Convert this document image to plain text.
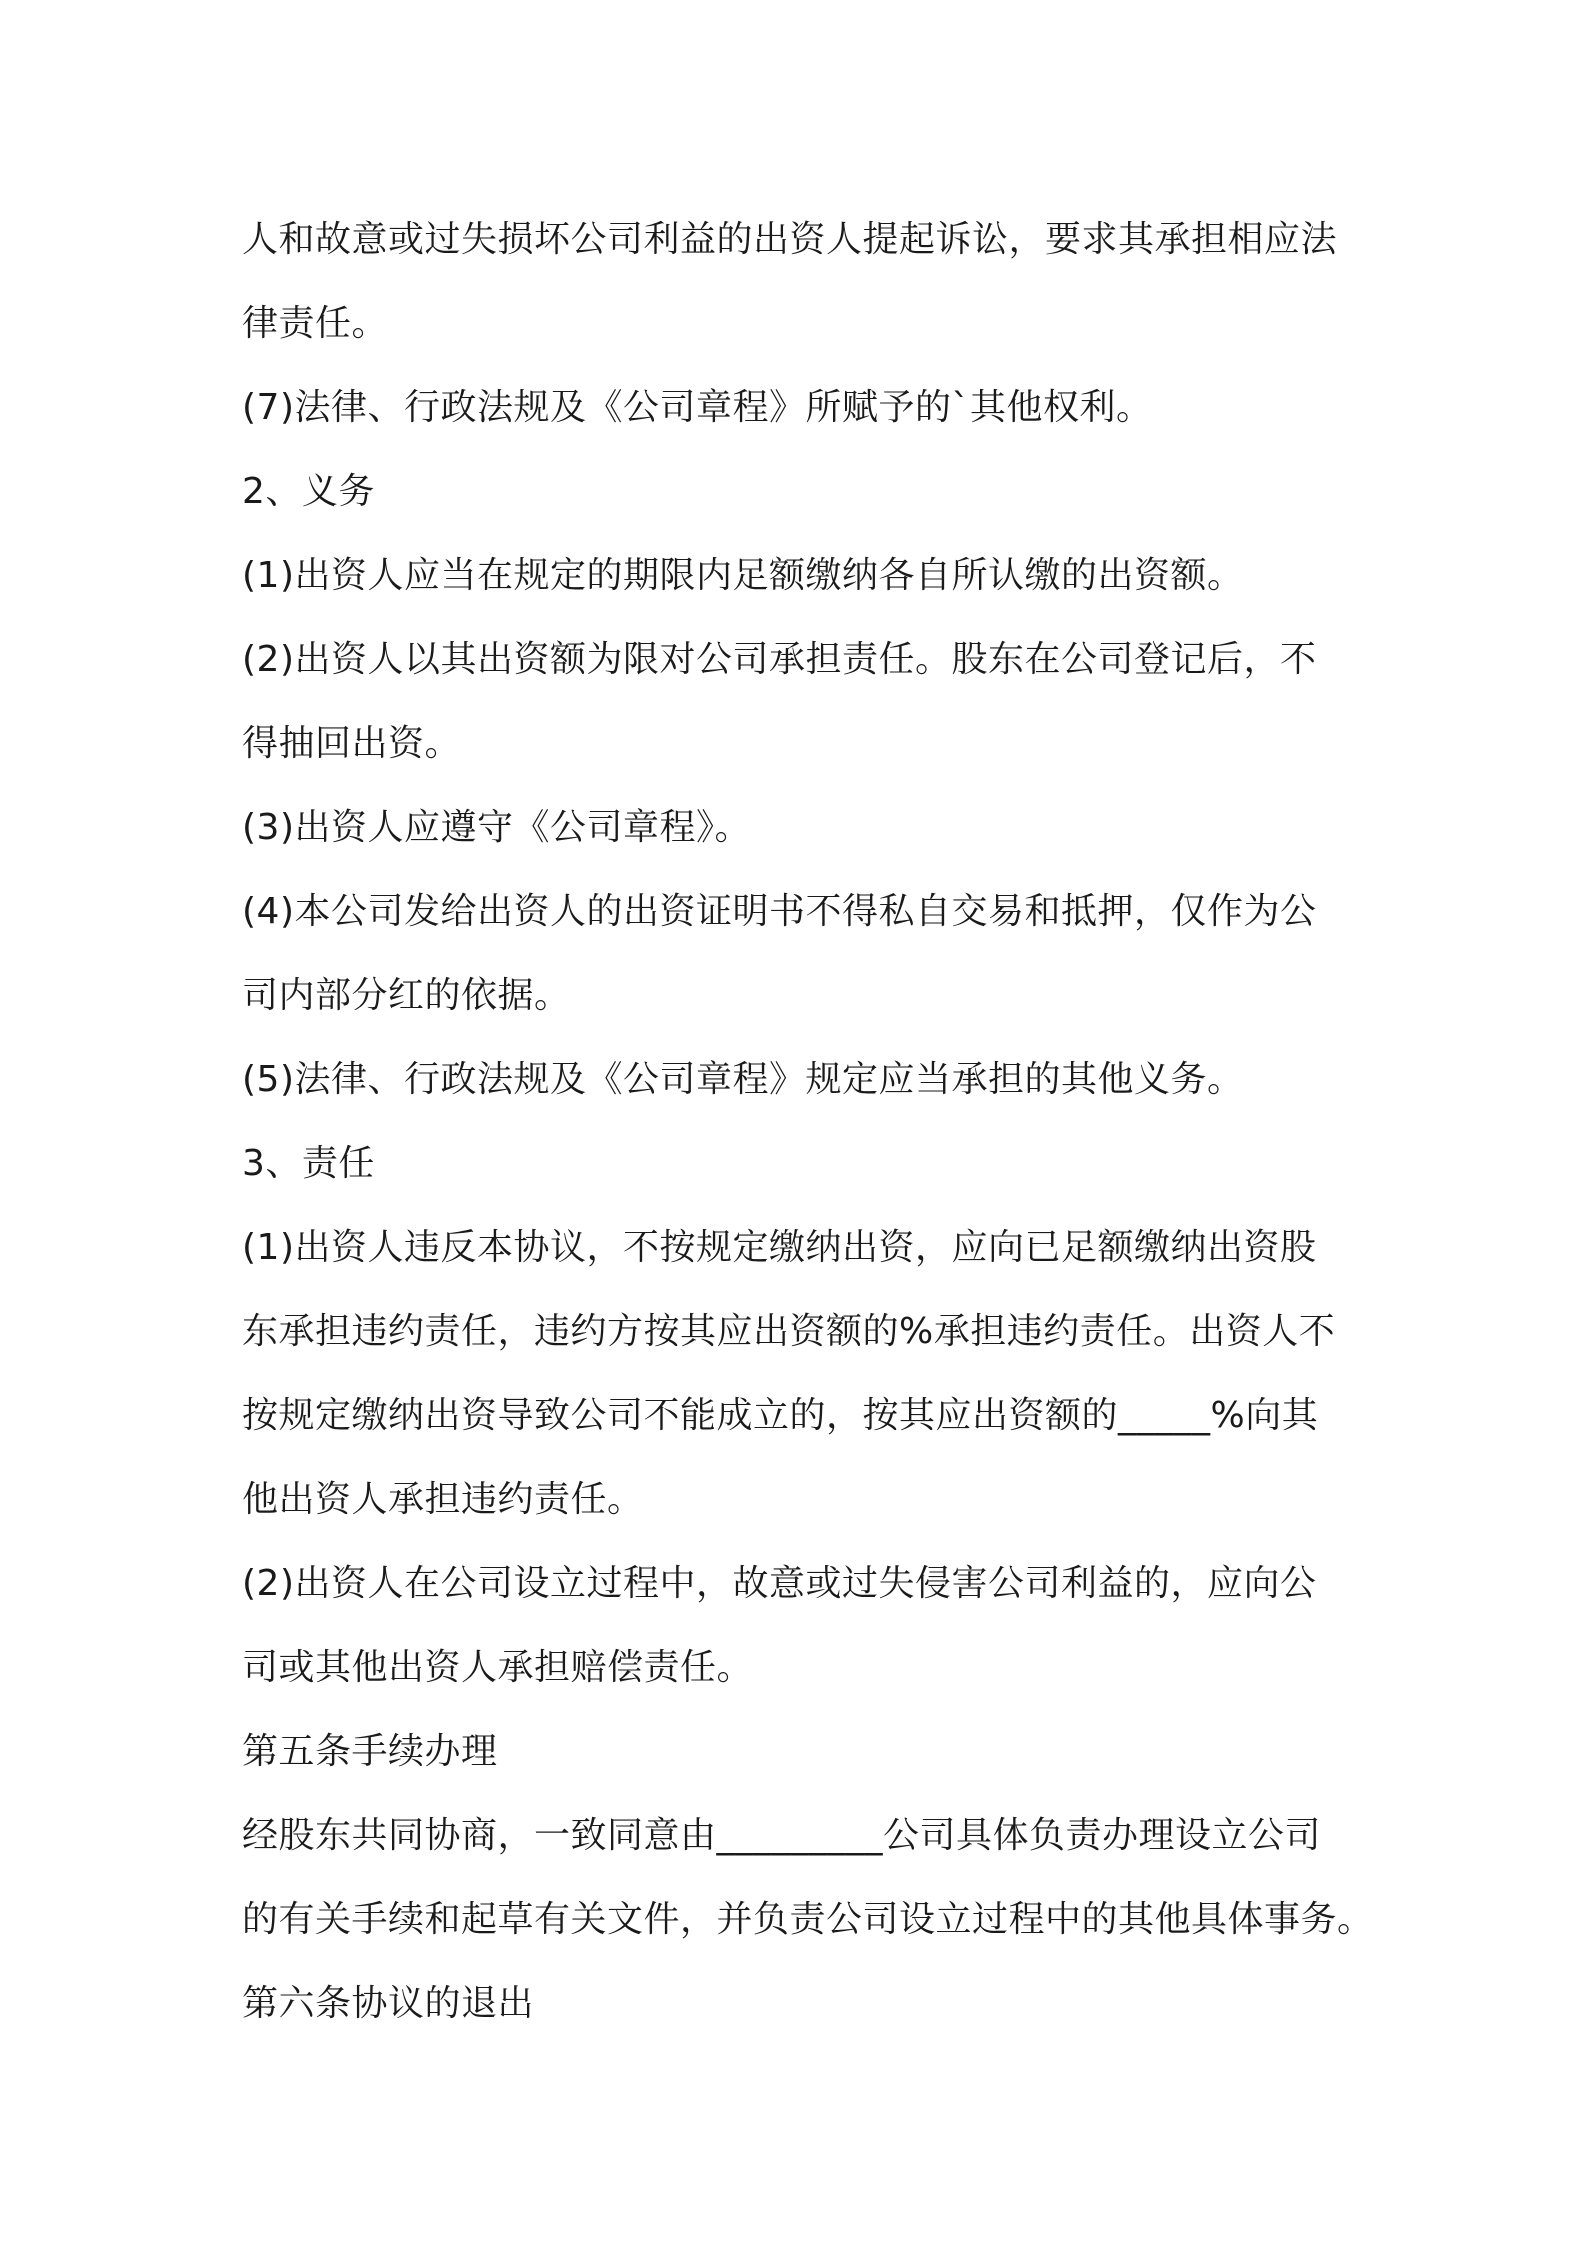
人和故意或过失损坏公司利益的出资人提起诉讼，要求其承担相应法
律责任。
(7)法律、行政法规及《公司章程》所赋予的`其他权利。
2、义务
(1)出资人应当在规定的期限内足额缴纳各自所认缴的出资额。
(2)出资人以其出资额为限对公司承担责任。股东在公司登记后，不
得抽回出资。
(3)出资人应遵守《公司章程》。
(4)本公司发给出资人的出资证明书不得私自交易和抵押，仅作为公
司内部分红的依据。
(5)法律、行政法规及《公司章程》规定应当承担的其他义务。
3、责任
(1)出资人违反本协议，不按规定缴纳出资，应向已足额缴纳出资股
东承担违约责任，违约方按其应出资额的%承担违约责任。出资人不
按规定缴纳出资导致公司不能成立的，按其应出资额的_____%向其
他出资人承担违约责任。
(2)出资人在公司设立过程中，故意或过失侵害公司利益的，应向公
司或其他出资人承担赔偿责任。
第五条手续办理
经股东共同协商，一致同意由_________公司具体负责办理设立公司
的有关手续和起草有关文件，并负责公司设立过程中的其他具体事务。
第六条协议的退出
